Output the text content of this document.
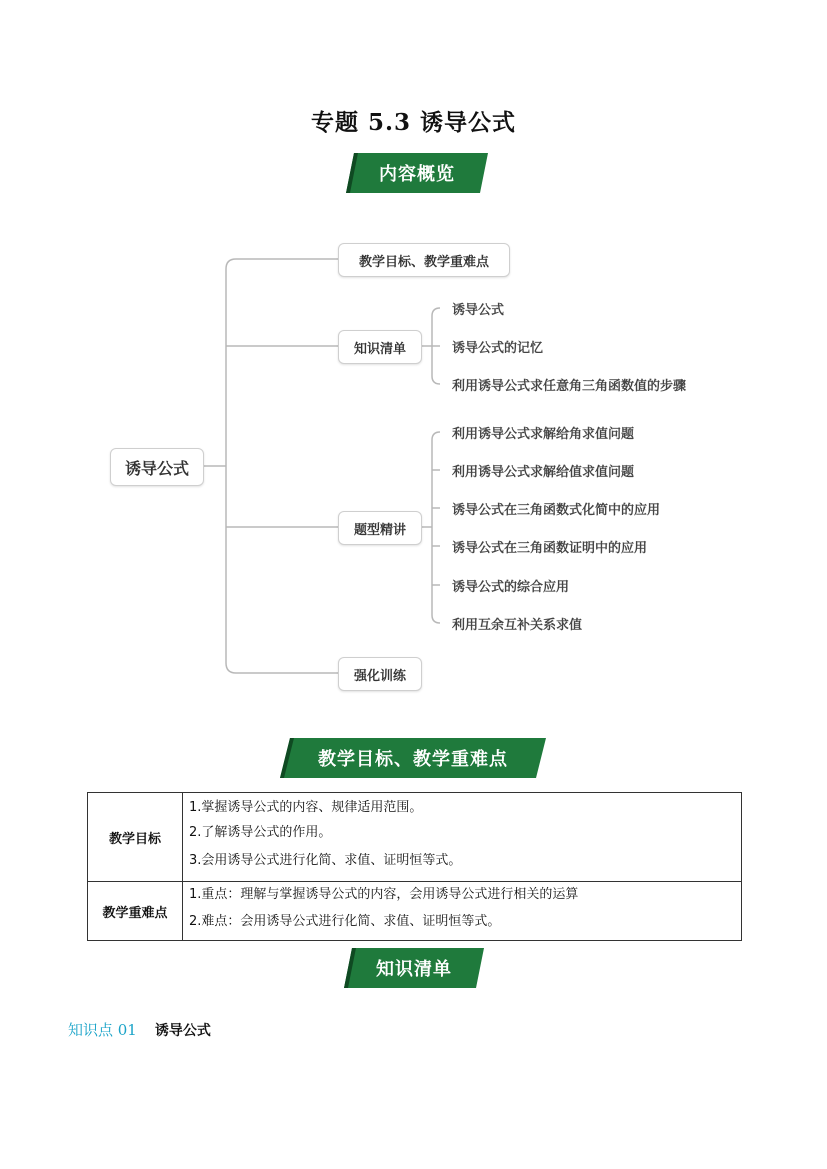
专题 5.3 诱导公式
内容概览
诱导公式
教学目标、教学重难点
知识清单
题型精讲
强化训练
诱导公式
诱导公式的记忆
利用诱导公式求任意角三角函数值的步骤
利用诱导公式求解给角求值问题
利用诱导公式求解给值求值问题
诱导公式在三角函数式化简中的应用
诱导公式在三角函数证明中的应用
诱导公式的综合应用
利用互余互补关系求值
教学目标、教学重难点
教学目标	1.掌握诱导公式的内容、规律适用范围。
2.了解诱导公式的作用。
3.会用诱导公式进行化简、求值、证明恒等式。

教学重难点	1.重点：理解与掌握诱导公式的内容，会用诱导公式进行相关的运算
2.难点：会用诱导公式进行化简、求值、证明恒等式。
知识清单
知识点 01 诱导公式
